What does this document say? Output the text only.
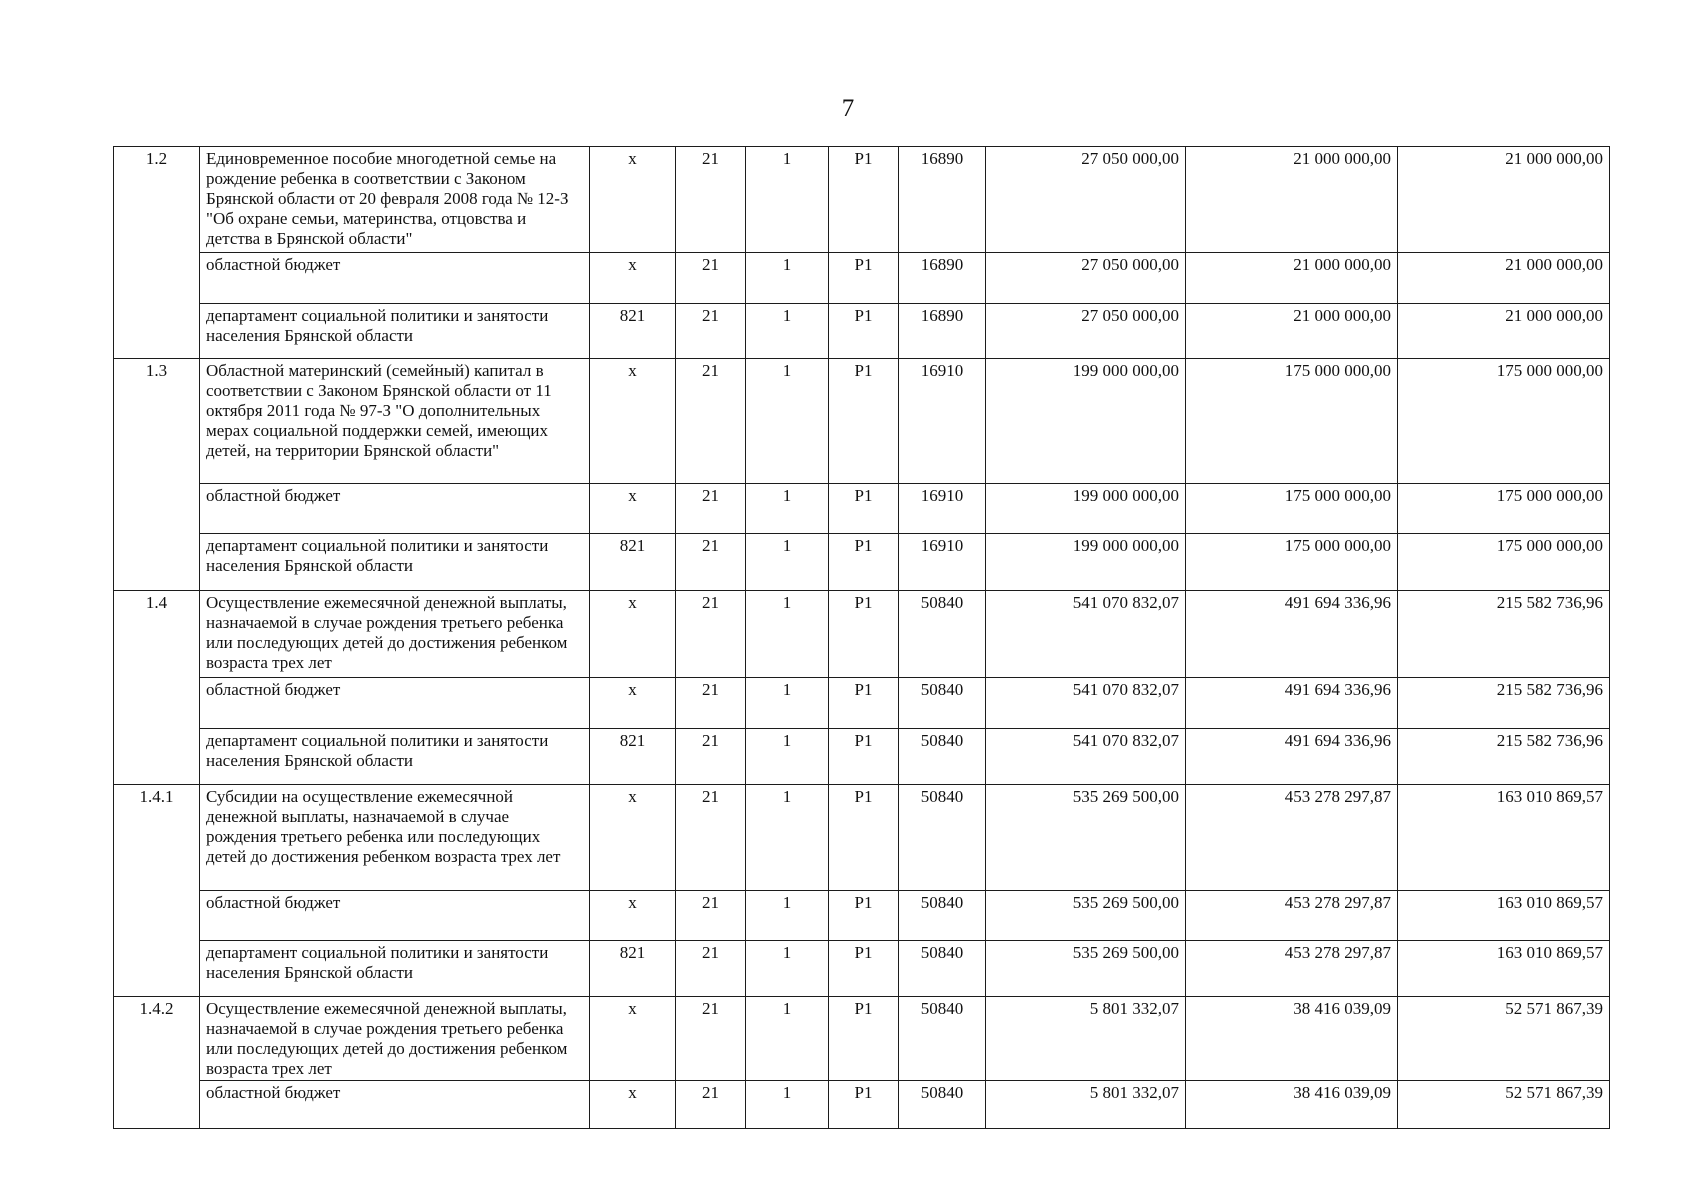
7
1.2	Единовременное пособие многодетной семье на рождение ребенка в соответствии с Законом Брянской области от 20 февраля 2008 года № 12-З "Об охране семьи, материнства, отцовства и детства в Брянской области"	х	21	1	P1	16890	27 050 000,00	21 000 000,00	21 000 000,00
	областной бюджет	х	21	1	P1	16890	27 050 000,00	21 000 000,00	21 000 000,00
	департамент социальной политики и занятости населения Брянской области	821	21	1	P1	16890	27 050 000,00	21 000 000,00	21 000 000,00
1.3	Областной материнский (семейный) капитал в соответствии с Законом Брянской области от 11 октября 2011 года № 97-З "О дополнительных мерах социальной поддержки семей, имеющих детей, на территории Брянской области"	х	21	1	P1	16910	199 000 000,00	175 000 000,00	175 000 000,00
	областной бюджет	х	21	1	P1	16910	199 000 000,00	175 000 000,00	175 000 000,00
	департамент социальной политики и занятости населения Брянской области	821	21	1	P1	16910	199 000 000,00	175 000 000,00	175 000 000,00
1.4	Осуществление ежемесячной денежной выплаты, назначаемой в случае рождения третьего ребенка или последующих детей до достижения ребенком возраста трех лет	х	21	1	P1	50840	541 070 832,07	491 694 336,96	215 582 736,96
	областной бюджет	х	21	1	P1	50840	541 070 832,07	491 694 336,96	215 582 736,96
	департамент социальной политики и занятости населения Брянской области	821	21	1	P1	50840	541 070 832,07	491 694 336,96	215 582 736,96
1.4.1	Субсидии на осуществление ежемесячной денежной выплаты, назначаемой в случае рождения третьего ребенка или последующих детей до достижения ребенком возраста трех лет	х	21	1	P1	50840	535 269 500,00	453 278 297,87	163 010 869,57
	областной бюджет	х	21	1	P1	50840	535 269 500,00	453 278 297,87	163 010 869,57
	департамент социальной политики и занятости населения Брянской области	821	21	1	P1	50840	535 269 500,00	453 278 297,87	163 010 869,57
1.4.2	Осуществление ежемесячной денежной выплаты, назначаемой в случае рождения третьего ребенка или последующих детей до достижения ребенком возраста трех лет	х	21	1	P1	50840	5 801 332,07	38 416 039,09	52 571 867,39
	областной бюджет	х	21	1	P1	50840	5 801 332,07	38 416 039,09	52 571 867,39
